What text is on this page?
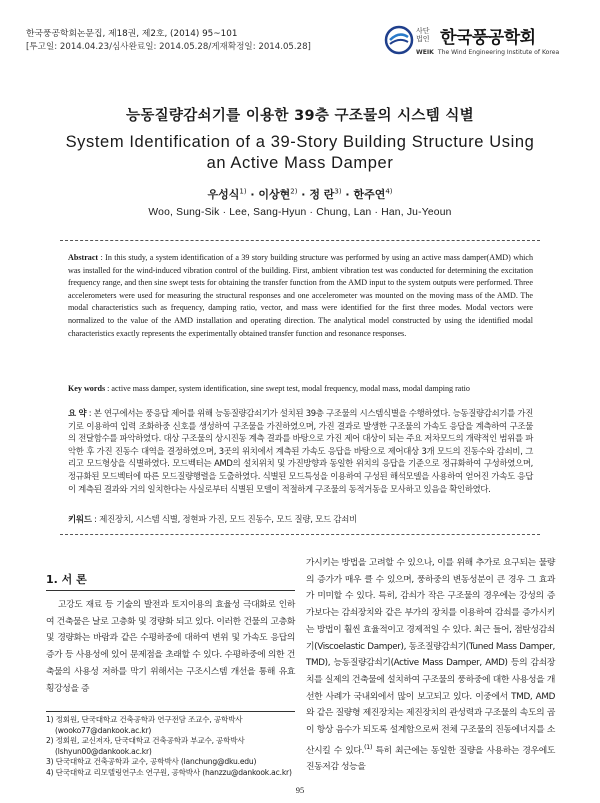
한국풍공학회논문집, 제18권, 제2호, (2014) 95~101
[투고일: 2014.04.23/심사완료일: 2014.05.28/게재확정일: 2014.05.28]
사단
법인 한국풍공학회
WEIK The Wind Engineering Institute of Korea
능동질량감쇠기를 이용한 39층 구조물의 시스템 식별
System Identification of a 39-Story Building Structure Using
an Active Mass Damper
우성식$^{1)}$ · 이상현$^{2)}$ · 정 란$^{3)}$ · 한주연$^{4)}$
Woo, Sung-Sik · Lee, Sang-Hyun · Chung, Lan · Han, Ju-Yeoun
Abstract : In this study, a system identification of a 39 story building structure was performed by using an active mass damper(AMD) which was installed for the wind-induced vibration control of the building. First, ambient vibration test was conducted for determining the excitation frequency range, and then sine swept tests for obtaining the transfer function from the AMD input to the system outputs were performed. Three accelerometers were used for measuring the structural responses and one accelerometer was mounted on the moving mass of the AMD. The modal characteristics such as frequency, damping ratio, vector, and mass were identified for the first three modes. Modal vectors were normalized to the value of the AMD installation and operating direction. The analytical model constructed by using the identified modal characteristics exactly represents the experimentally obtained transfer function and resonance responses.
Key words : active mass damper, system identification, sine swept test, modal frequency, modal mass, modal damping ratio
요 약 : 본 연구에서는 풍응답 제어를 위해 능동질량감쇠기가 설치된 39층 구조물의 시스템식별을 수행하였다. 능동질량감쇠기를 가진기로 이용하여 입력 조화하중 신호를 생성하여 구조물을 가진하였으며, 가진 결과로 발생한 구조물의 가속도 응답을 계측하여 구조물의 전달함수를 파악하였다. 대상 구조물의 상시진동 계측 결과를 바탕으로 가진 제어 대상이 되는 주요 저차모드의 개략적인 범위를 파악한 후 가진 진동수 대역을 결정하였으며, 3곳의 위치에서 계측된 가속도 응답을 바탕으로 제어대상 3개 모드의 진동수와 감쇠비, 그리고 모드형상을 식별하였다. 모드벡터는 AMD의 설치위치 및 가진방향과 동일한 위치의 응답을 기준으로 정규화하여 구성하였으며, 정규화된 모드벡터에 따른 모드질량행렬을 도출하였다. 식별된 모드특성을 이용하여 구성된 해석모델을 사용하여 얻어진 가속도 응답이 계측된 결과와 거의 일치한다는 사실로부터 식별된 모델이 적절하게 구조물의 동적거동을 모사하고 있음을 확인하였다.
키워드 : 제진장치, 시스템 식별, 정현파 가진, 모드 진동수, 모드 질량, 모드 감쇠비
1. 서 론
고강도 재료 등 기술의 발전과 토지이용의 효율성 극대화로 인하여 건축물은 날로 고층화 및 경량화 되고 있다. 이러한 건물의 고층화 및 경량화는 바람과 같은 수평하중에 대하여 변위 및 가속도 응답의 증가 등 사용성에 있어 문제점을 초래할 수 있다. 수평하중에 의한 건축물의 사용성 저하를 막기 위해서는 구조시스템 개선을 통해 유효 횡강성을 증
1) 정회원, 단국대학교 건축공학과 연구전담 조교수, 공학박사 (wooko77@dankook.ac.kr)
2) 정회원, 교신저자, 단국대학교 건축공학과 부교수, 공학박사 (lshyun00@dankook.ac.kr)
3) 단국대학교 건축공학과 교수, 공학박사 (lanchung@dku.edu)
4) 단국대학교 리모델링연구소 연구원, 공학박사 (hanzzu@dankook.ac.kr)
가시키는 방법을 고려할 수 있으나, 이를 위해 추가로 요구되는 물량의 증가가 매우 클 수 있으며, 풍하중의 변동성분이 큰 경우 그 효과가 미미할 수 있다. 특히, 감쇠가 작은 구조물의 경우에는 강성의 증가보다는 감쇠장치와 같은 부가의 장치를 이용하여 감쇠를 증가시키는 방법이 훨씬 효율적이고 경제적일 수 있다. 최근 들어, 점탄성감쇠기(Viscoelastic Damper), 동조질량감쇠기(Tuned Mass Damper, TMD), 능동질량감쇠기(Active Mass Damper, AMD) 등의 감쇠장치를 실제의 건축물에 설치하여 구조물의 풍하중에 대한 사용성을 개선한 사례가 국내외에서 많이 보고되고 있다. 이중에서 TMD, AMD와 같은 질량형 제진장치는 제진장치의 관성력과 구조물의 속도의 곱이 항상 음수가 되도록 설계함으로써 전체 구조물의 진동에너지를 소산시킬 수 있다.$^{(1)}$ 특히 최근에는 동일한 질량을 사용하는 경우에도 진동저감 성능을
95
